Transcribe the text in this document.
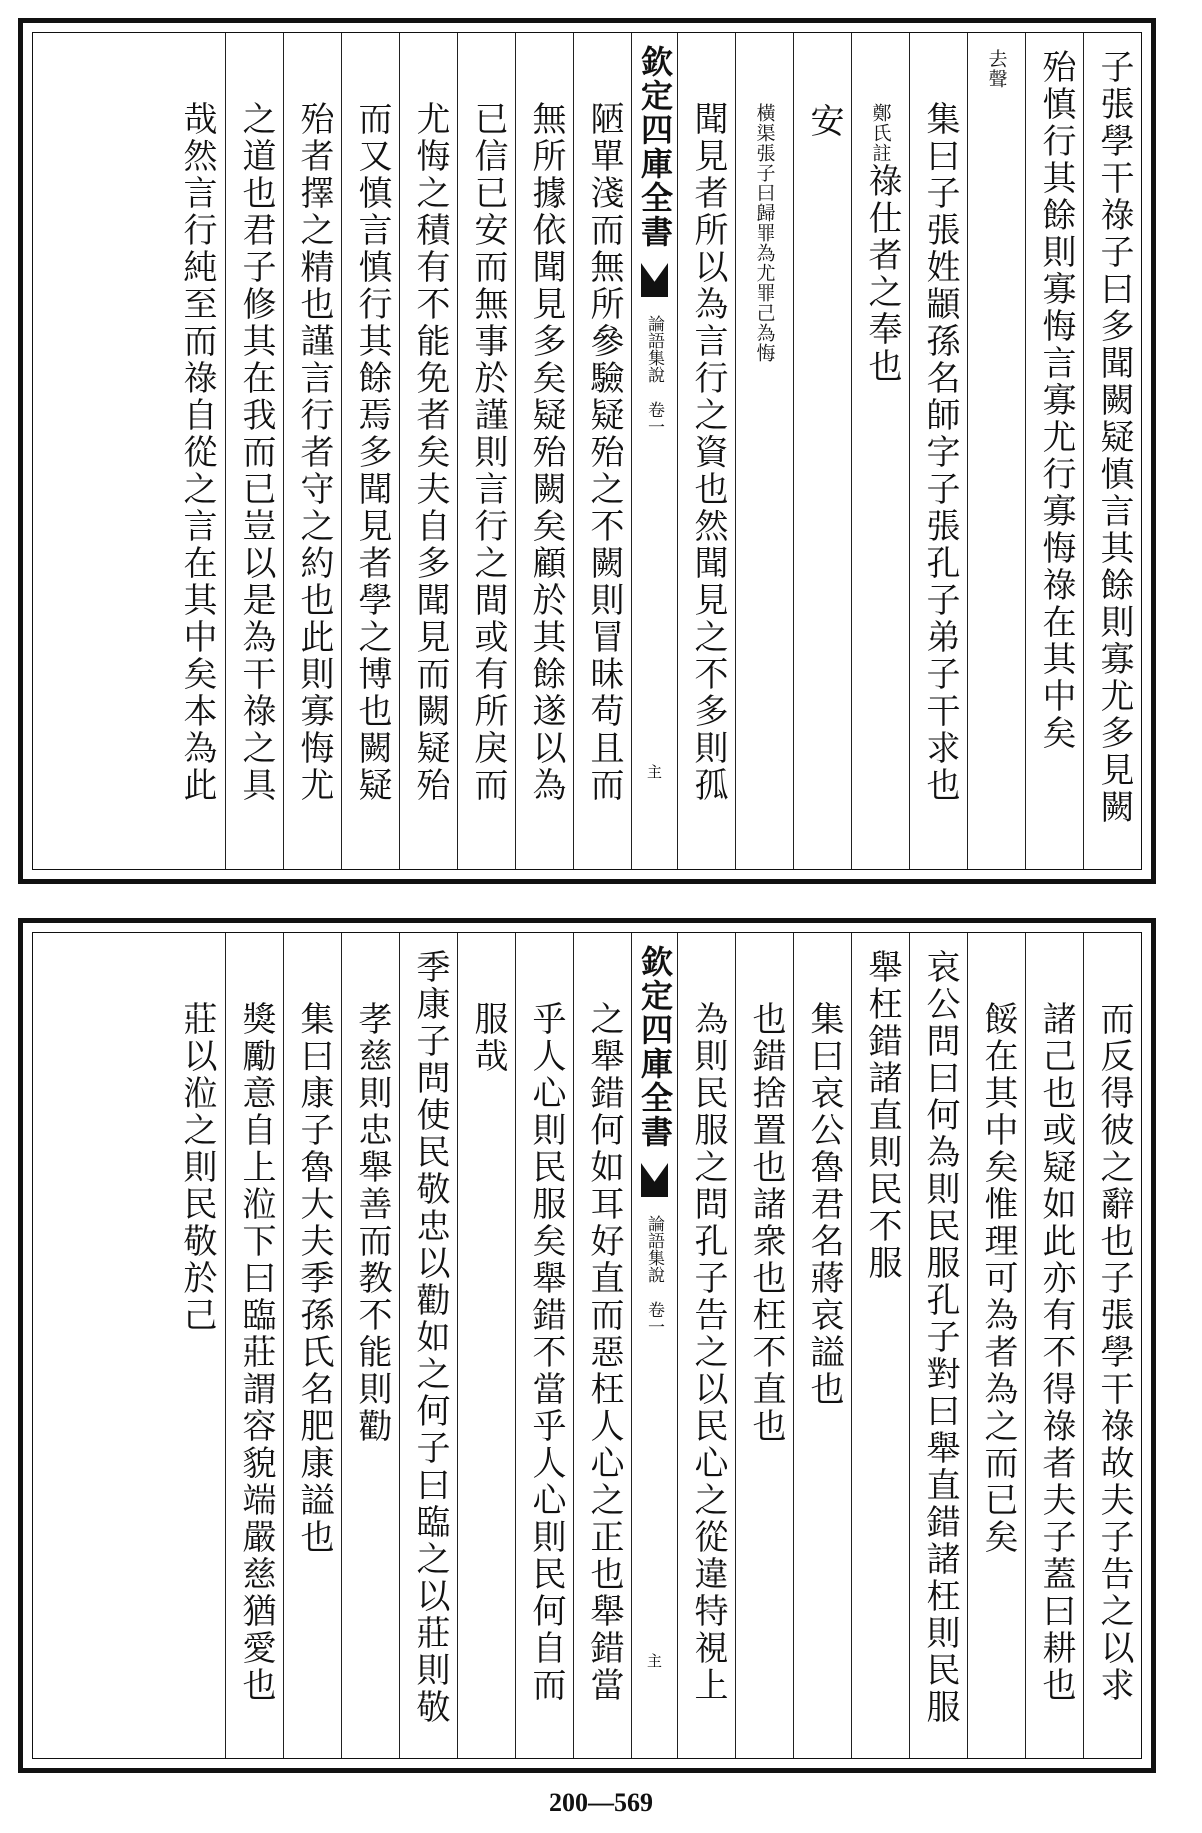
子張學干祿子曰多聞闕疑慎言其餘則寡尤多見闕
殆慎行其餘則寡悔言寡尤行寡悔祿在其中矣
去聲
集曰子張姓顓孫名師字子張孔子弟子干求也
鄭氏註
祿仕者之奉也
安
橫渠張子曰歸罪為尤罪己為悔
聞見者所以為言行之資也然聞見之不多則孤
欽定四庫全書
論語集說
卷一
主
陋單淺而無所參驗疑殆之不闕則冒昧苟且而
無所據依聞見多矣疑殆闕矣顧於其餘遂以為
已信已安而無事於謹則言行之間或有所戾而
尤悔之積有不能免者矣夫自多聞見而闕疑殆
而又慎言慎行其餘焉多聞見者學之博也闕疑
殆者擇之精也謹言行者守之約也此則寡悔尤
之道也君子修其在我而已豈以是為干祿之具
哉然言行純至而祿自從之言在其中矣本為此
而反得彼之辭也子張學干祿故夫子告之以求
諸己也或疑如此亦有不得祿者夫子蓋曰耕也
餒在其中矣惟理可為者為之而已矣
哀公問曰何為則民服孔子對曰舉直錯諸枉則民服
舉枉錯諸直則民不服
集曰哀公魯君名蔣哀謚也
也錯捨置也諸衆也枉不直也
為則民服之問孔子告之以民心之從違特視上
欽定四庫全書
論語集說
卷一
主
之舉錯何如耳好直而惡枉人心之正也舉錯當
乎人心則民服矣舉錯不當乎人心則民何自而
服哉
季康子問使民敬忠以勸如之何子曰臨之以莊則敬
孝慈則忠舉善而教不能則勸
集曰康子魯大夫季孫氏名肥康謚也
獎勵意自上涖下曰臨莊謂容貌端嚴慈猶愛也
莊以涖之則民敬於己
200—569
